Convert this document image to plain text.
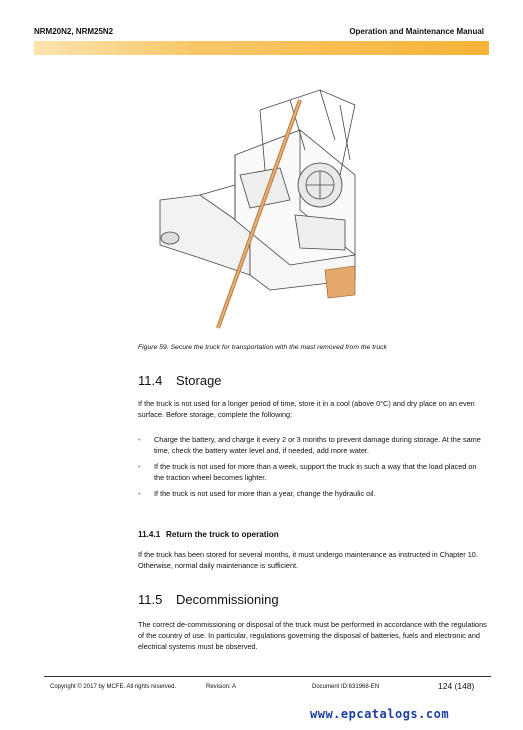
NRM20N2, NRM25N2	Operation and Maintenance Manual
Figure 59. Secure the truck for transportation with the mast removed from the truck
11.4 Storage
If the truck is not used for a longer period of time, store it in a cool (above 0°C) and dry place on an even surface. Before storage, complete the following:
• Charge the battery, and charge it every 2 or 3 months to prevent damage during storage. At the same time, check the battery water level and, if needed, add more water.
• If the truck is not used for more than a week, support the truck in such a way that the load placed on the traction wheel becomes lighter.
• If the truck is not used for more than a year, change the hydraulic oil.
11.4.1 Return the truck to operation
If the truck has been stored for several months, it must undergo maintenance as instructed in Chapter 10. Otherwise, normal daily maintenance is sufficient.
11.5 Decommissioning
The correct de-commissioning or disposal of the truck must be performed in accordance with the regulations of the country of use. In particular, regulations governing the disposal of batteries, fuels and electronic and electrical systems must be observed.
Copyright © 2017 by MCFE. All rights reserved.	Revision: A	Document ID:631968-EN	124 (148)
www.epcatalogs.com
